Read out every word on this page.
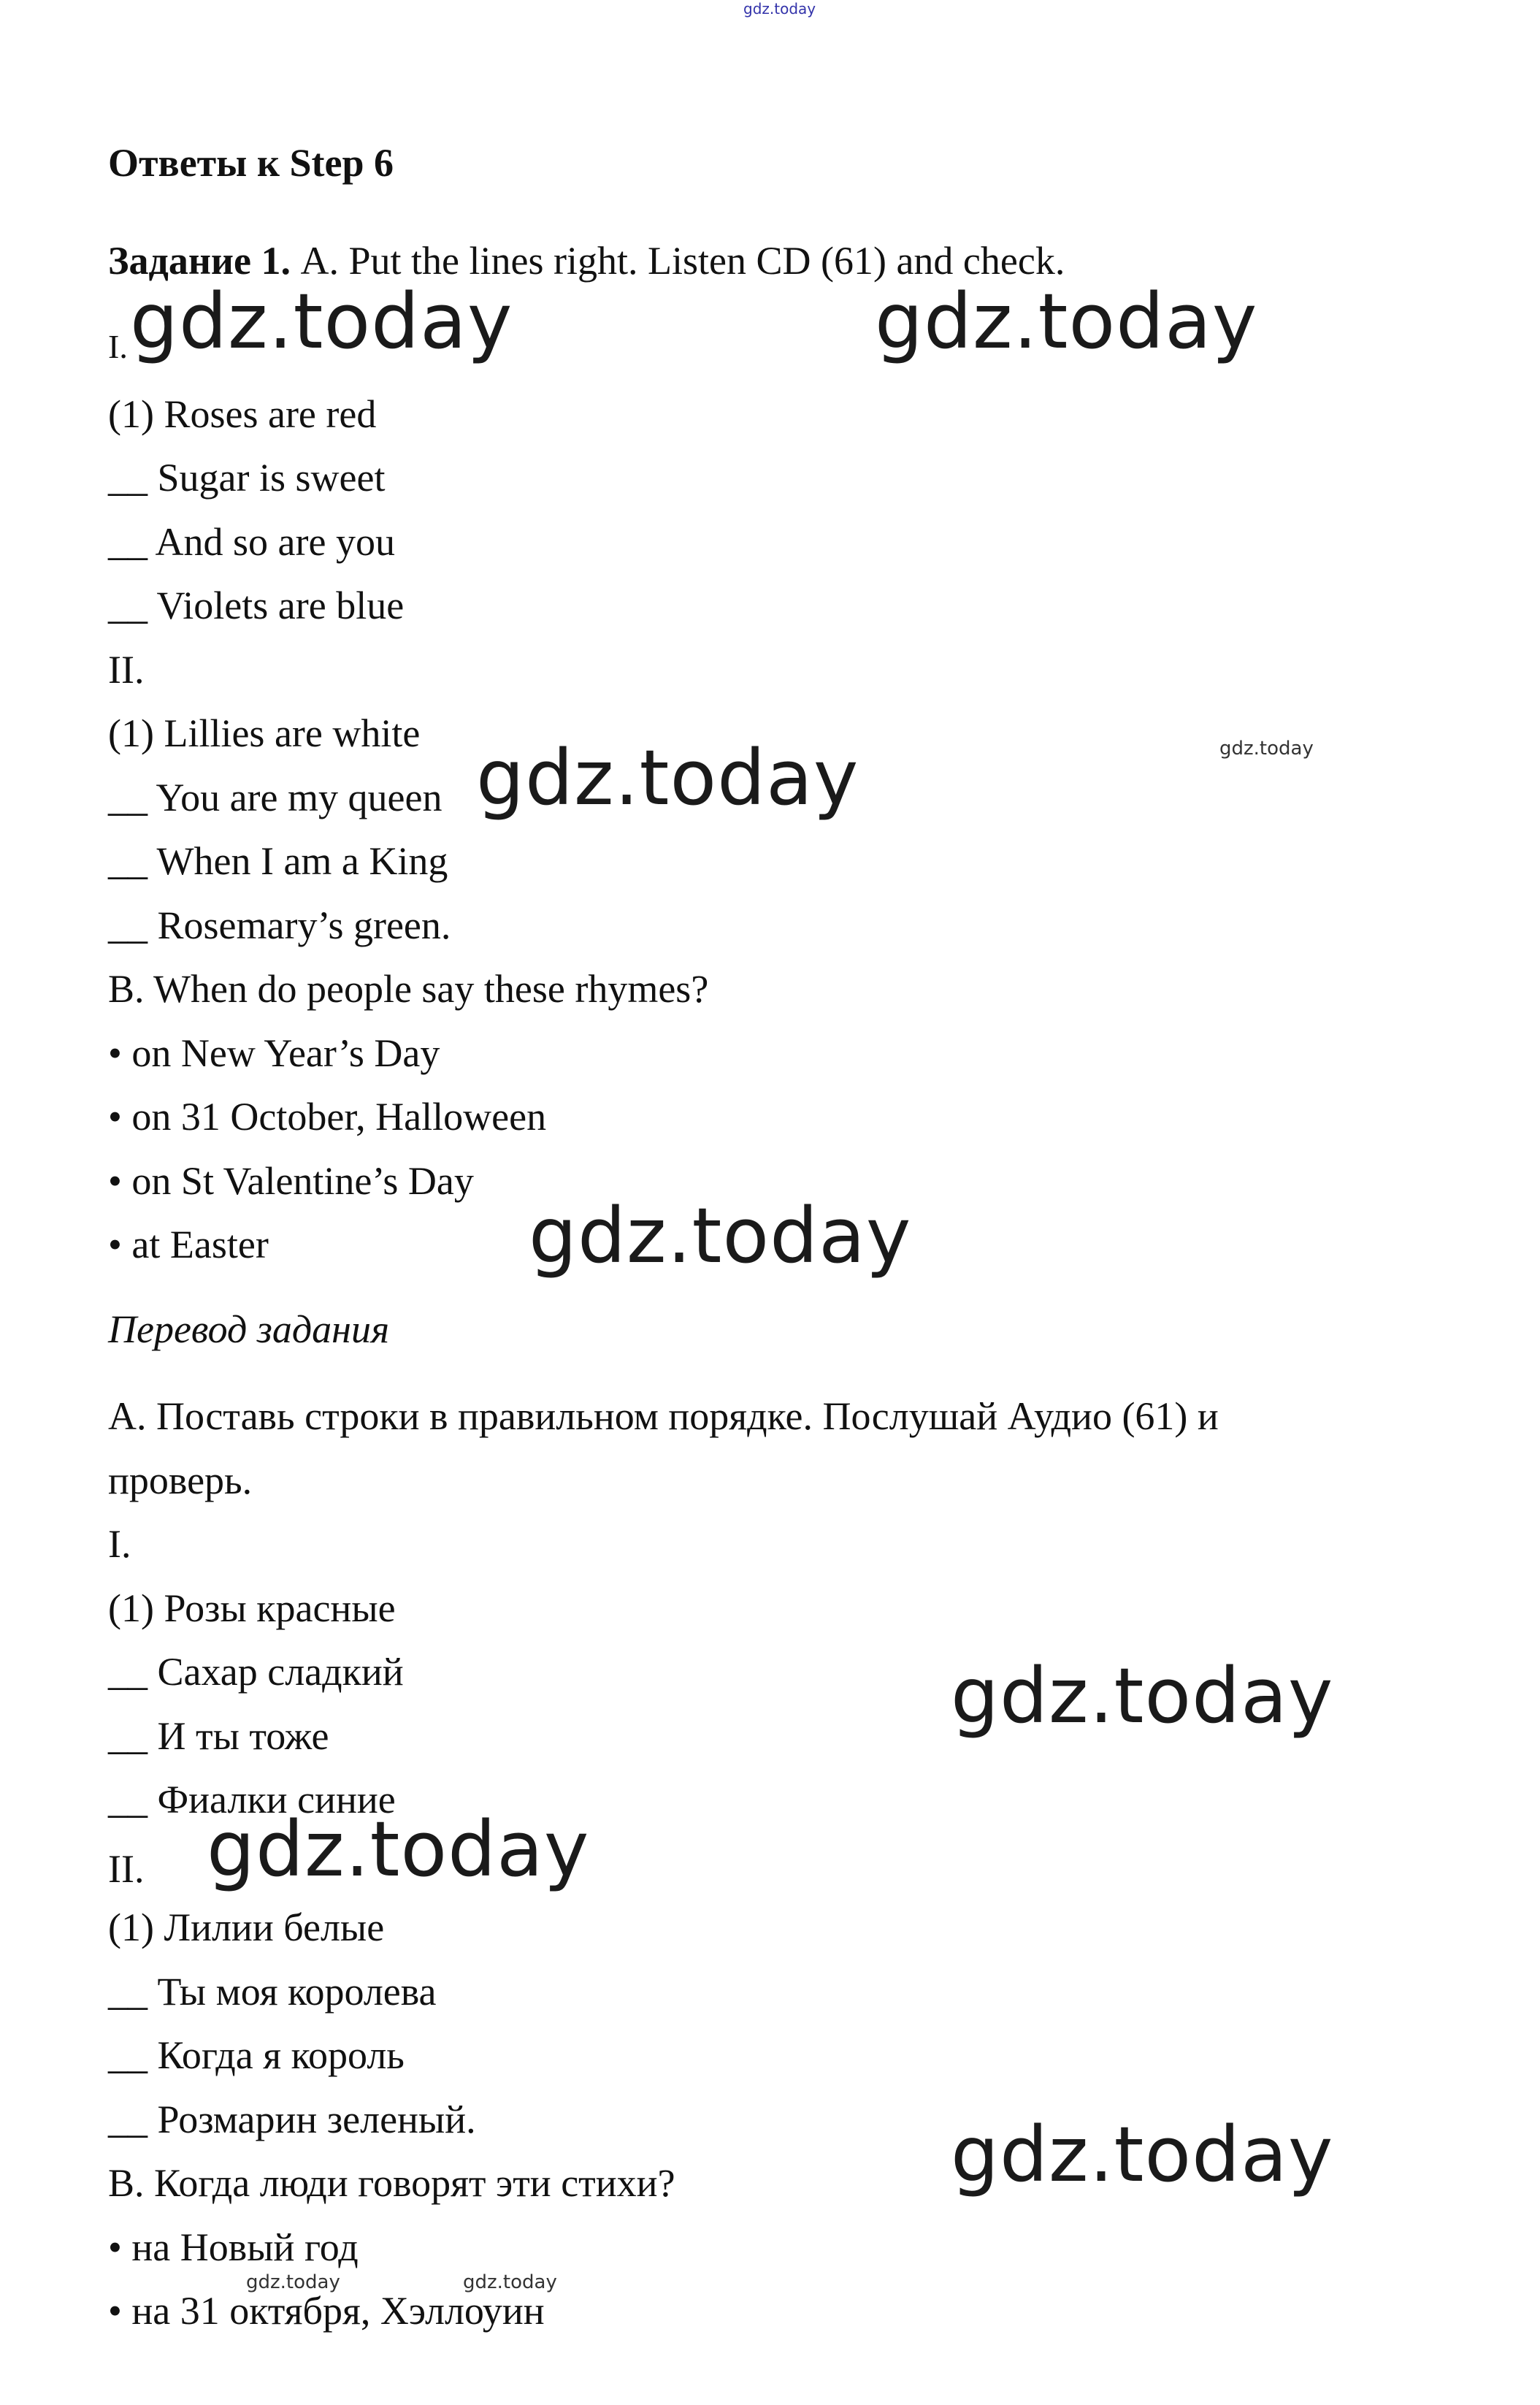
gdz.today
Ответы к Step 6
Задание 1. A. Put the lines right. Listen CD (61) and check.
I.
(1) Roses are red
__ Sugar is sweet
__ And so are you
__ Violets are blue
II.
(1) Lillies are white
__ You are my queen
__ When I am a King
__ Rosemary’s green.
B. When do people say these rhymes?
• on New Year’s Day
• on 31 October, Halloween
• on St Valentine’s Day
• at Easter
Перевод задания
A. Поставь строки в правильном порядке. Послушай Аудио (61) и
проверь.
I.
(1) Розы красные
__ Сахар сладкий
__ И ты тоже
__ Фиалки синие
II.
(1) Лилии белые
__ Ты моя королева
__ Когда я король
__ Розмарин зеленый.
B. Когда люди говорят эти стихи?
• на Новый год
• на 31 октября, Хэллоуин
gdz.today	gdz.today
gdz.today
gdz.today
gdz.today
gdz.today
gdz.today
gdz.today
gdz.today	gdz.today
